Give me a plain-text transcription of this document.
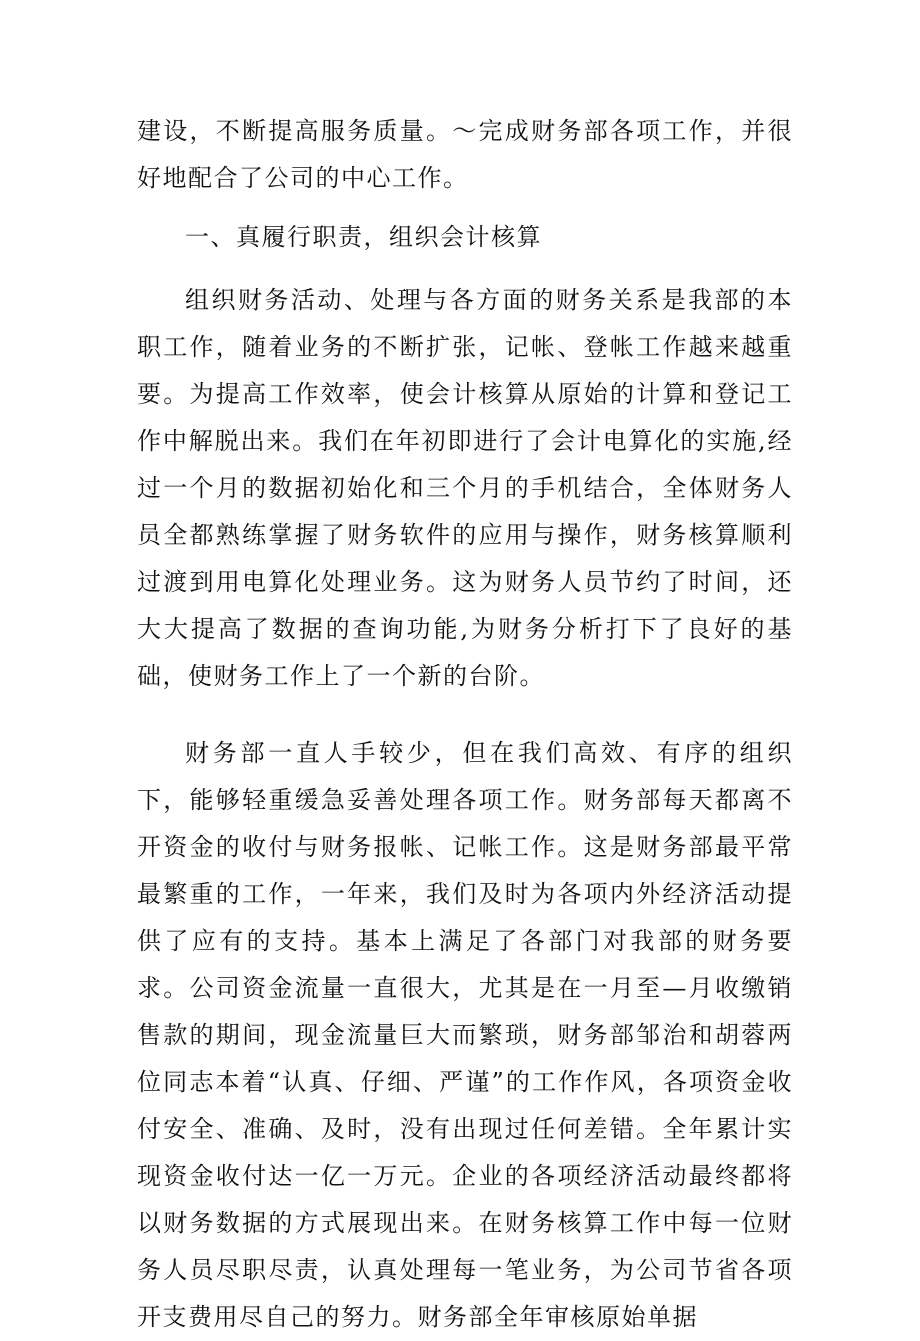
建设，不断提高服务质量。～完成财务部各项工作，并很好地配合了公司的中心工作。

一、真履行职责，组织会计核算

组织财务活动、处理与各方面的财务关系是我部的本职工作，随着业务的不断扩张，记帐、登帐工作越来越重要。为提高工作效率，使会计核算从原始的计算和登记工作中解脱出来。我们在年初即进行了会计电算化的实施,经过一个月的数据初始化和三个月的手机结合，全体财务人员全都熟练掌握了财务软件的应用与操作，财务核算顺利过渡到用电算化处理业务。这为财务人员节约了时间，还大大提高了数据的查询功能,为财务分析打下了良好的基础，使财务工作上了一个新的台阶。

财务部一直人手较少，但在我们高效、有序的组织下，能够轻重缓急妥善处理各项工作。财务部每天都离不开资金的收付与财务报帐、记帐工作。这是财务部最平常最繁重的工作，一年来，我们及时为各项内外经济活动提供了应有的支持。基本上满足了各部门对我部的财务要求。公司资金流量一直很大，尤其是在一月至—月收缴销售款的期间，现金流量巨大而繁琐，财务部邹治和胡蓉两位同志本着“认真、仔细、严谨”的工作作风，各项资金收付安全、准确、及时，没有出现过任何差错。全年累计实现资金收付达一亿一万元。企业的各项经济活动最终都将以财务数据的方式展现出来。在财务核算工作中每一位财务人员尽职尽责，认真处理每一笔业务，为公司节省各项开支费用尽自己的努力。财务部全年审核原始单据
